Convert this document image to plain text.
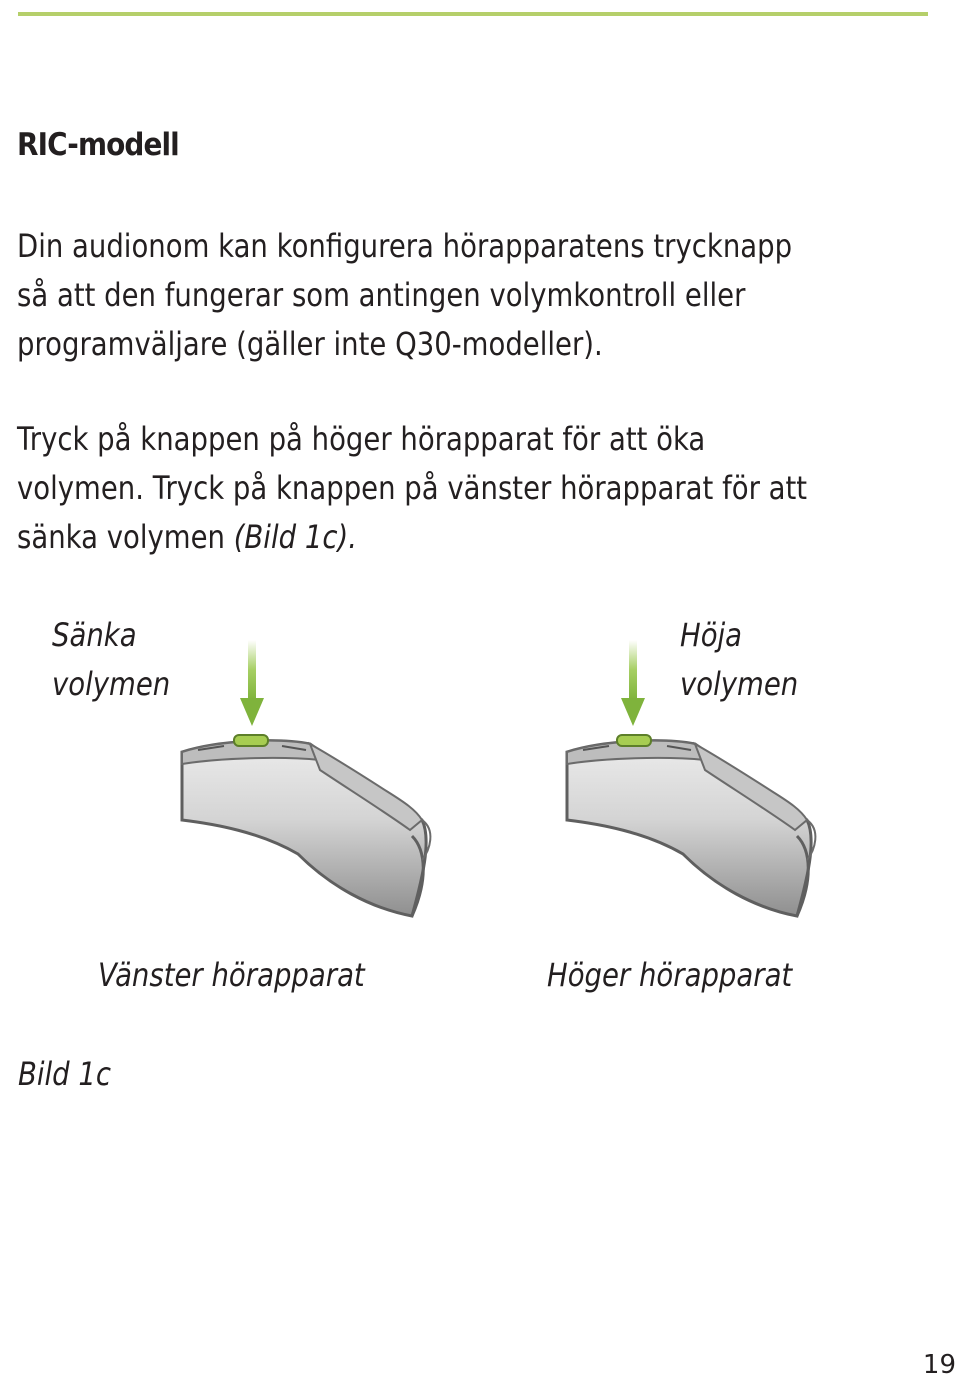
RIC-modell
Din audionom kan konfigurera hörapparatens trycknapp
så att den fungerar som antingen volymkontroll eller
programväljare (gäller inte Q30-modeller).
Tryck på knappen på höger hörapparat för att öka
volymen. Tryck på knappen på vänster hörapparat för att
sänka volymen (Bild 1c).
Sänka
volymen
Höja
volymen
Vänster hörapparat	Höger hörapparat
Bild 1c
19
